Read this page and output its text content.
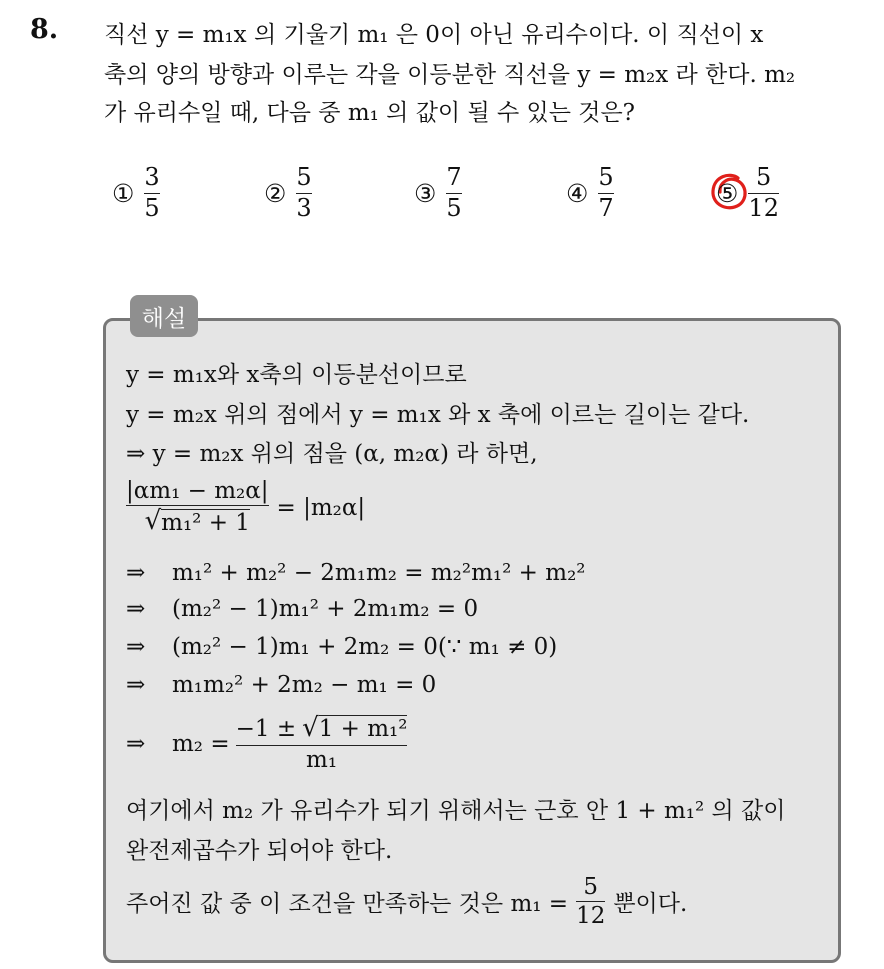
8. 직선 y = m₁x 의 기울기 m₁ 은 0이 아닌 유리수이다. 이 직선이 x
축의 양의 방향과 이루는 각을 이등분한 직선을 y = m₂x 라 한다. m₂
가 유리수일 때, 다음 중 m₁ 의 값이 될 수 있는 것은?
① $\frac{3}{5}$	② $\frac{5}{3}$	③ $\frac{7}{5}$	④ $\frac{5}{7}$	⑤ $\frac{5}{12}$
해설
y = m₁x와 x축의 이등분선이므로
y = m₂x 위의 점에서 y = m₁x 와 x 축에 이르는 길이는 같다.
⇒ y = m₂x 위의 점을 (α, m₂α) 라 하면,
$\frac{\text{|αm₁ − m₂α|}}{\text{√ m₁² + 1}} = |m_2\alpha|$
⇒ m₁² + m₂² − 2m₁m₂ = m₂²m₁² + m₂²
⇒ (m₂² − 1)m₁² + 2m₁m₂ = 0
⇒ (m₂² − 1)m₁ + 2m₂ = 0(∵ m₁ ≠ 0)
⇒ m₁m₂² + 2m₂ − m₁ = 0
⇒	$m_2 = \frac{\text{−1 ± √ 1 + m₁²}}{\text{m₁}}$
여기에서 m₂ 가 유리수가 되기 위해서는 근호 안 1 + m₁² 의 값이
완전제곱수가 되어야 한다.
주어진 값 중 이 조건을 만족하는 것은 $m_1 = \frac{5}{12}$ 뿐이다.
